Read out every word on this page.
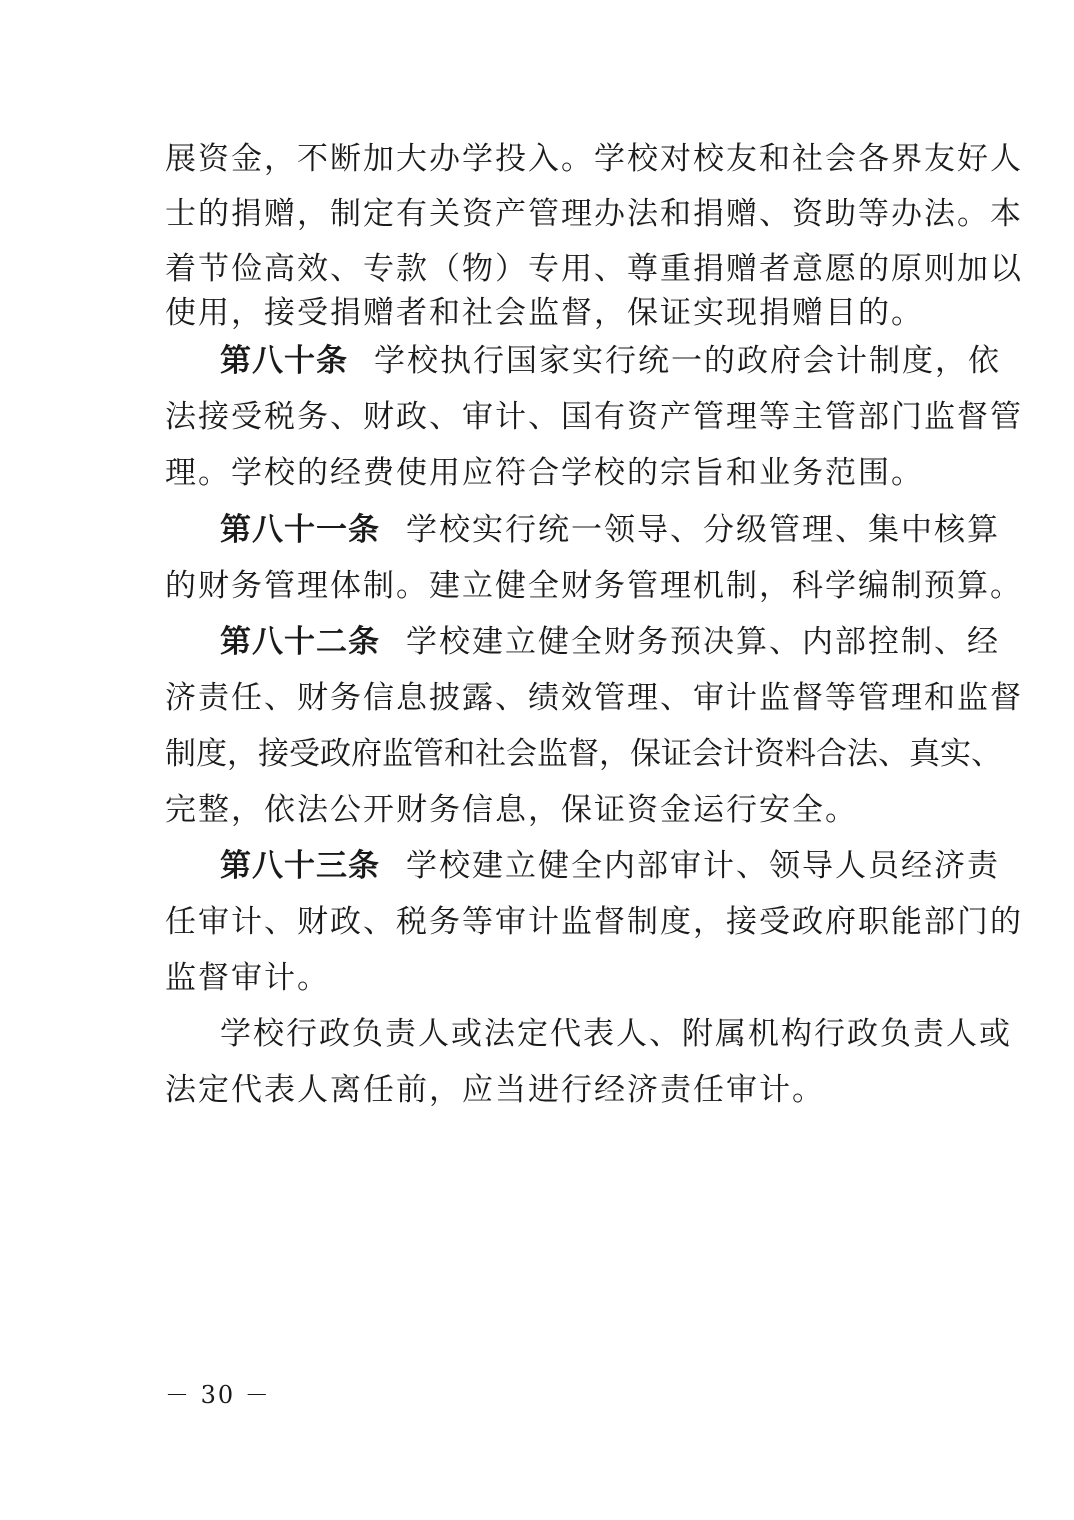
展资金，不断加大办学投入。学校对校友和社会各界友好人
士的捐赠，制定有关资产管理办法和捐赠、资助等办法。本
着节俭高效、专款（物）专用、尊重捐赠者意愿的原则加以
使用，接受捐赠者和社会监督，保证实现捐赠目的。
第八十条 学校执行国家实行统一的政府会计制度，依
法接受税务、财政、审计、国有资产管理等主管部门监督管
理。学校的经费使用应符合学校的宗旨和业务范围。
第八十一条 学校实行统一领导、分级管理、集中核算
的财务管理体制。建立健全财务管理机制，科学编制预算。
第八十二条 学校建立健全财务预决算、内部控制、经
济责任、财务信息披露、绩效管理、审计监督等管理和监督
制度，接受政府监管和社会监督，保证会计资料合法、真实、
完整，依法公开财务信息，保证资金运行安全。
第八十三条 学校建立健全内部审计、领导人员经济责
任审计、财政、税务等审计监督制度，接受政府职能部门的
监督审计。
学校行政负责人或法定代表人、附属机构行政负责人或
法定代表人离任前，应当进行经济责任审计。
－ 30 －
